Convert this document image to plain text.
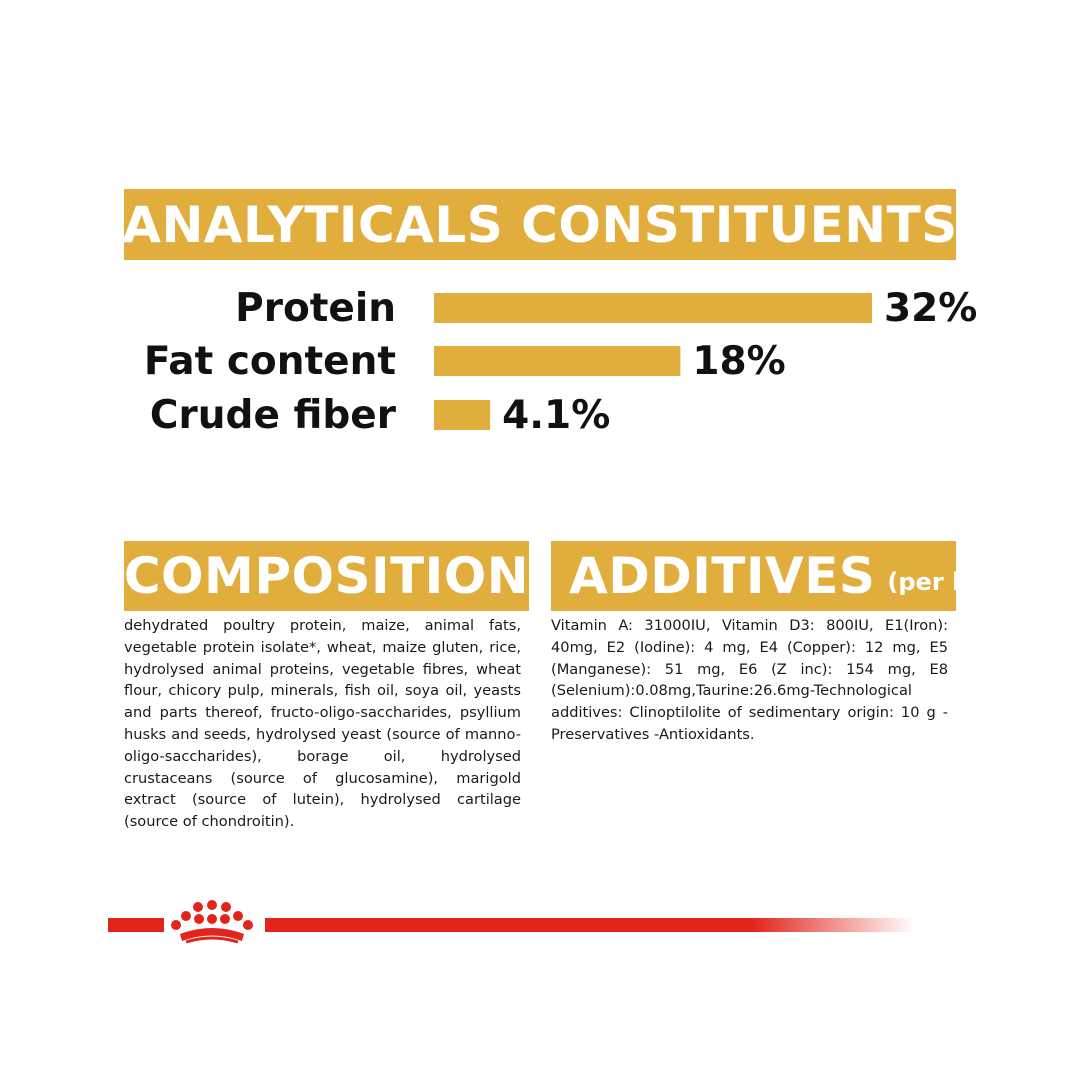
ANALYTICALS CONSTITUENTS
Protein	32%
Fat content	18%
Crude fiber	4.1%
COMPOSITION ADDITIVES (per kg)

dehydrated poultry protein, maize, animal fats, vegetable protein isolate*, wheat, maize gluten, rice, hydrolysed animal proteins, vegetable fibres, wheat flour, chicory pulp, minerals, fish oil, soya oil, yeasts and parts thereof, fructo-oligo-saccharides, psyllium husks and seeds, hydrolysed yeast (source of manno-oligo-saccharides), borage oil, hydrolysed crustaceans (source of glucosamine), marigold extract (source of lutein), hydrolysed cartilage (source of chondroitin).

Vitamin A: 31000IU, Vitamin D3: 800IU, E1(Iron): 40mg, E2 (Iodine): 4 mg, E4 (Copper): 12 mg, E5 (Manganese): 51 mg, E6 (Z inc): 154 mg, E8 (Selenium):0.08mg,Taurine:26.6mg-Technological additives: Clinoptilolite of sedimentary origin: 10 g - Preservatives -Antioxidants.
